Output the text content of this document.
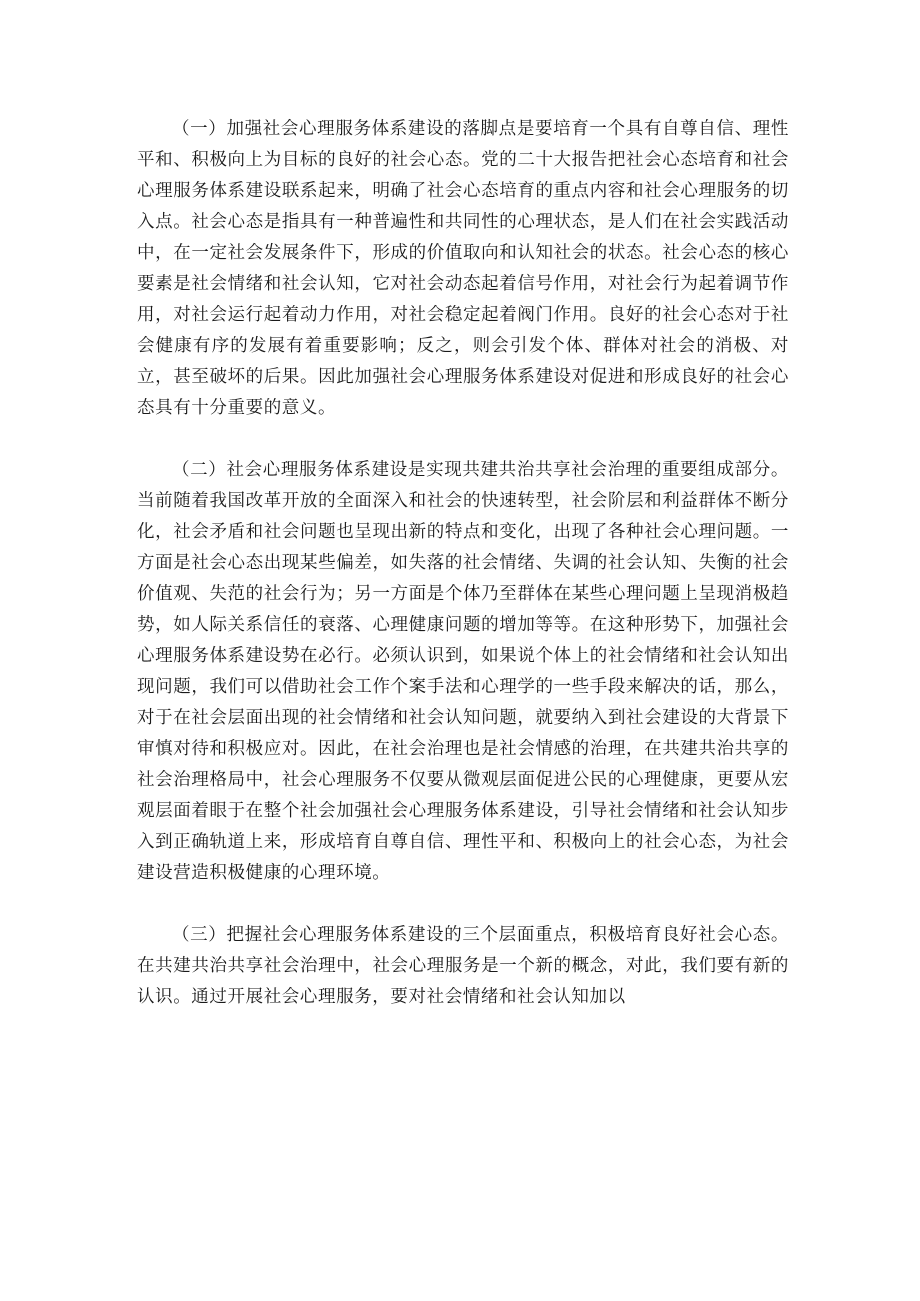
（一）加强社会心理服务体系建设的落脚点是要培育一个具有自尊自信、理性平和、积极向上为目标的良好的社会心态。党的二十大报告把社会心态培育和社会心理服务体系建设联系起来，明确了社会心态培育的重点内容和社会心理服务的切入点。社会心态是指具有一种普遍性和共同性的心理状态，是人们在社会实践活动中，在一定社会发展条件下，形成的价值取向和认知社会的状态。社会心态的核心要素是社会情绪和社会认知，它对社会动态起着信号作用，对社会行为起着调节作用，对社会运行起着动力作用，对社会稳定起着阀门作用。良好的社会心态对于社会健康有序的发展有着重要影响；反之，则会引发个体、群体对社会的消极、对立，甚至破坏的后果。因此加强社会心理服务体系建设对促进和形成良好的社会心态具有十分重要的意义。

（二）社会心理服务体系建设是实现共建共治共享社会治理的重要组成部分。当前随着我国改革开放的全面深入和社会的快速转型，社会阶层和利益群体不断分化，社会矛盾和社会问题也呈现出新的特点和变化，出现了各种社会心理问题。一方面是社会心态出现某些偏差，如失落的社会情绪、失调的社会认知、失衡的社会价值观、失范的社会行为；另一方面是个体乃至群体在某些心理问题上呈现消极趋势，如人际关系信任的衰落、心理健康问题的增加等等。在这种形势下，加强社会心理服务体系建设势在必行。必须认识到，如果说个体上的社会情绪和社会认知出现问题，我们可以借助社会工作个案手法和心理学的一些手段来解决的话，那么，对于在社会层面出现的社会情绪和社会认知问题，就要纳入到社会建设的大背景下审慎对待和积极应对。因此，在社会治理也是社会情感的治理，在共建共治共享的社会治理格局中，社会心理服务不仅要从微观层面促进公民的心理健康，更要从宏观层面着眼于在整个社会加强社会心理服务体系建设，引导社会情绪和社会认知步入到正确轨道上来，形成培育自尊自信、理性平和、积极向上的社会心态，为社会建设营造积极健康的心理环境。

（三）把握社会心理服务体系建设的三个层面重点，积极培育良好社会心态。在共建共治共享社会治理中，社会心理服务是一个新的概念，对此，我们要有新的认识。通过开展社会心理服务，要对社会情绪和社会认知加以
